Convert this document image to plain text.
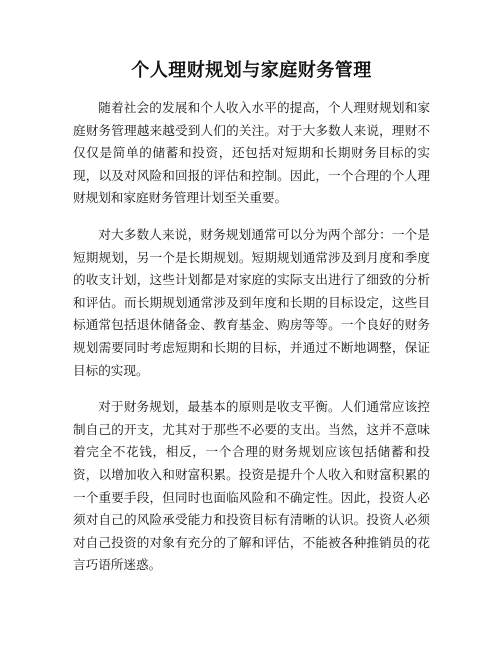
个人理财规划与家庭财务管理

随着社会的发展和个人收入水平的提高，个人理财规划和家庭财务管理越来越受到人们的关注。对于大多数人来说，理财不仅仅是简单的储蓄和投资，还包括对短期和长期财务目标的实现，以及对风险和回报的评估和控制。因此，一个合理的个人理财规划和家庭财务管理计划至关重要。

对大多数人来说，财务规划通常可以分为两个部分：一个是短期规划，另一个是长期规划。短期规划通常涉及到月度和季度的收支计划，这些计划都是对家庭的实际支出进行了细致的分析和评估。而长期规划通常涉及到年度和长期的目标设定，这些目标通常包括退休储备金、教育基金、购房等等。一个良好的财务规划需要同时考虑短期和长期的目标，并通过不断地调整，保证目标的实现。

对于财务规划，最基本的原则是收支平衡。人们通常应该控制自己的开支，尤其对于那些不必要的支出。当然，这并不意味着完全不花钱，相反，一个合理的财务规划应该包括储蓄和投资，以增加收入和财富积累。投资是提升个人收入和财富积累的一个重要手段，但同时也面临风险和不确定性。因此，投资人必须对自己的风险承受能力和投资目标有清晰的认识。投资人必须对自己投资的对象有充分的了解和评估，不能被各种推销员的花言巧语所迷惑。
